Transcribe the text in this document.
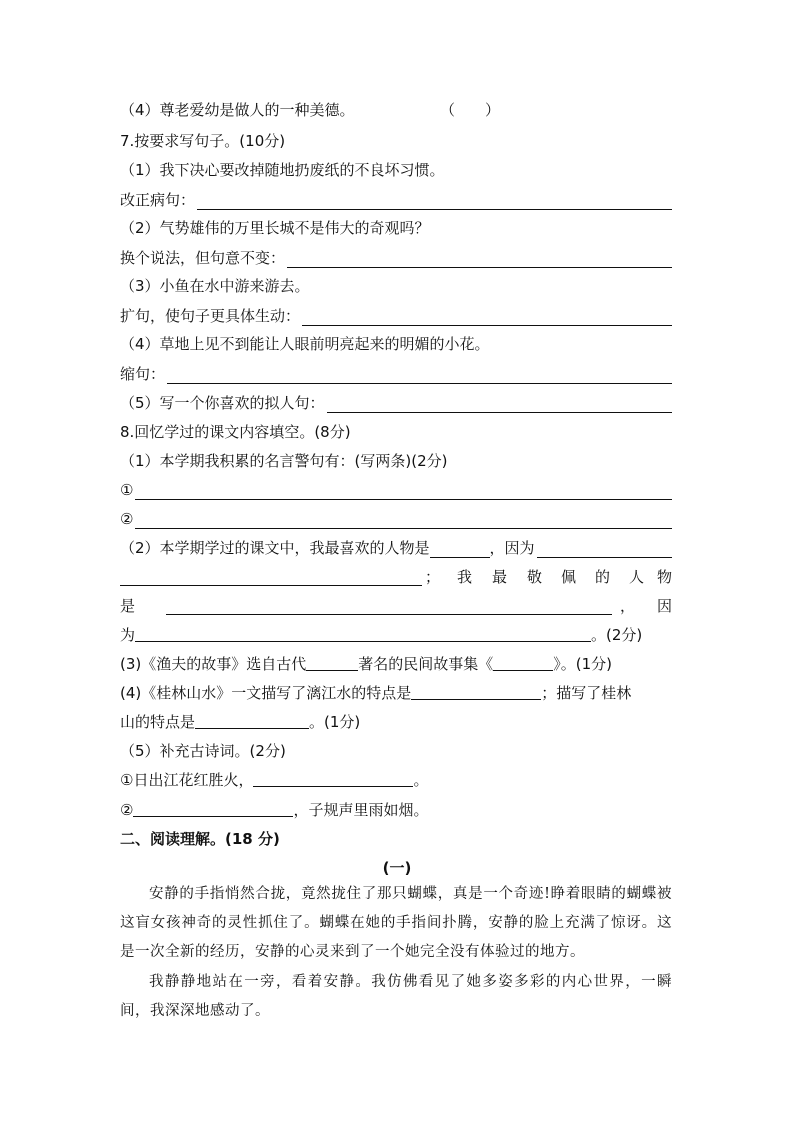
（4）尊老爱幼是做人的一种美德。	（　　）
7.按要求写句子。(10分)
（1）我下决心要改掉随地扔废纸的不良坏习惯。
改正病句：
（2）气势雄伟的万里长城不是伟大的奇观吗？
换个说法，但句意不变：
（3）小鱼在水中游来游去。
扩句，使句子更具体生动：
（4）草地上见不到能让人眼前明亮起来的明媚的小花。
缩句：
（5）写一个你喜欢的拟人句：
8.回忆学过的课文内容填空。(8分)
（1）本学期我积累的名言警句有：(写两条)(2分)
①
②
（2）本学期学过的课文中，我最喜欢的人物是	，因为
； 我 最 敬 佩 的 人 物
是	， 因
为	。(2分)
(3)《渔夫的故事》选自古代	著名的民间故事集《	》。(1分)
(4)《桂林山水》一文描写了漓江水的特点是	；描写了桂林
山的特点是	。(1分)
（5）补充古诗词。(2分)
①日出江花红胜火，	。
②	，子规声里雨如烟。
二、阅读理解。(18 分)
(一)
安静的手指悄然合拢，竟然拢住了那只蝴蝶，真是一个奇迹!睁着眼睛的蝴蝶被这盲女孩神奇的灵性抓住了。蝴蝶在她的手指间扑腾，安静的脸上充满了惊讶。这是一次全新的经历，安静的心灵来到了一个她完全没有体验过的地方。
我静静地站在一旁，看着安静。我仿佛看见了她多姿多彩的内心世界，一瞬间，我深深地感动了。
